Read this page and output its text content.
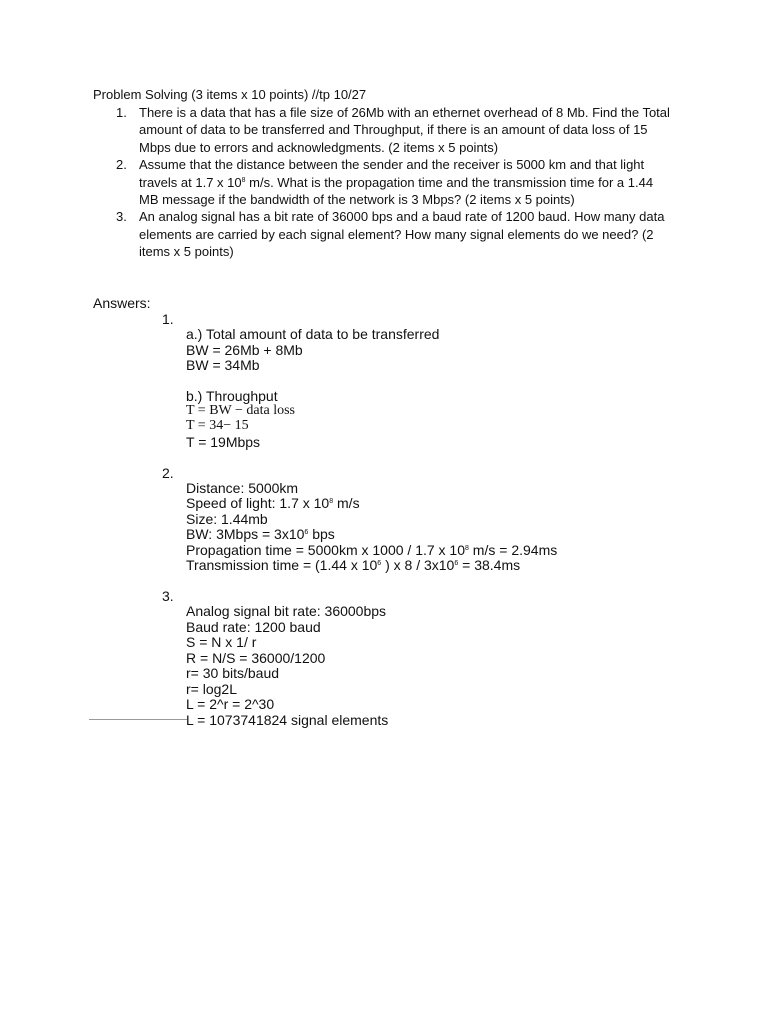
Problem Solving (3 items x 10 points) //tp 10/27
1. There is a data that has a file size of 26Mb with an ethernet overhead of 8 Mb. Find the Total amount of data to be transferred and Throughput, if there is an amount of data loss of 15 Mbps due to errors and acknowledgments. (2 items x 5 points)
2. Assume that the distance between the sender and the receiver is 5000 km and that light travels at 1.7 x $10^8$ m/s. What is the propagation time and the transmission time for a 1.44 MB message if the bandwidth of the network is 3 Mbps? (2 items x 5 points)
3. An analog signal has a bit rate of 36000 bps and a baud rate of 1200 baud. How many data elements are carried by each signal element? How many signal elements do we need? (2 items x 5 points)
Answers:
1.
a.) Total amount of data to be transferred
BW = 26Mb + 8Mb
BW = 34Mb
b.) Throughput
T = BW − data loss
T = 34− 15
T = 19Mbps
2.
Distance: 5000km
Speed of light: 1.7 x $10^8$ m/s
Size: 1.44mb
BW: 3Mbps = $3x10^6$ bps
Propagation time = 5000km x 1000 / 1.7 x $10^8$ m/s = 2.94ms
Transmission time = (1.44 x $10^6$ ) x $8 / 3x10^6 = 38.4ms$
3.
Analog signal bit rate: 36000bps
Baud rate: 1200 baud
S = N x 1/ r
R = N/S = 36000/1200
r= 30 bits/baud
r= log2L
L = 2^r = 2^30
L = 1073741824 signal elements
